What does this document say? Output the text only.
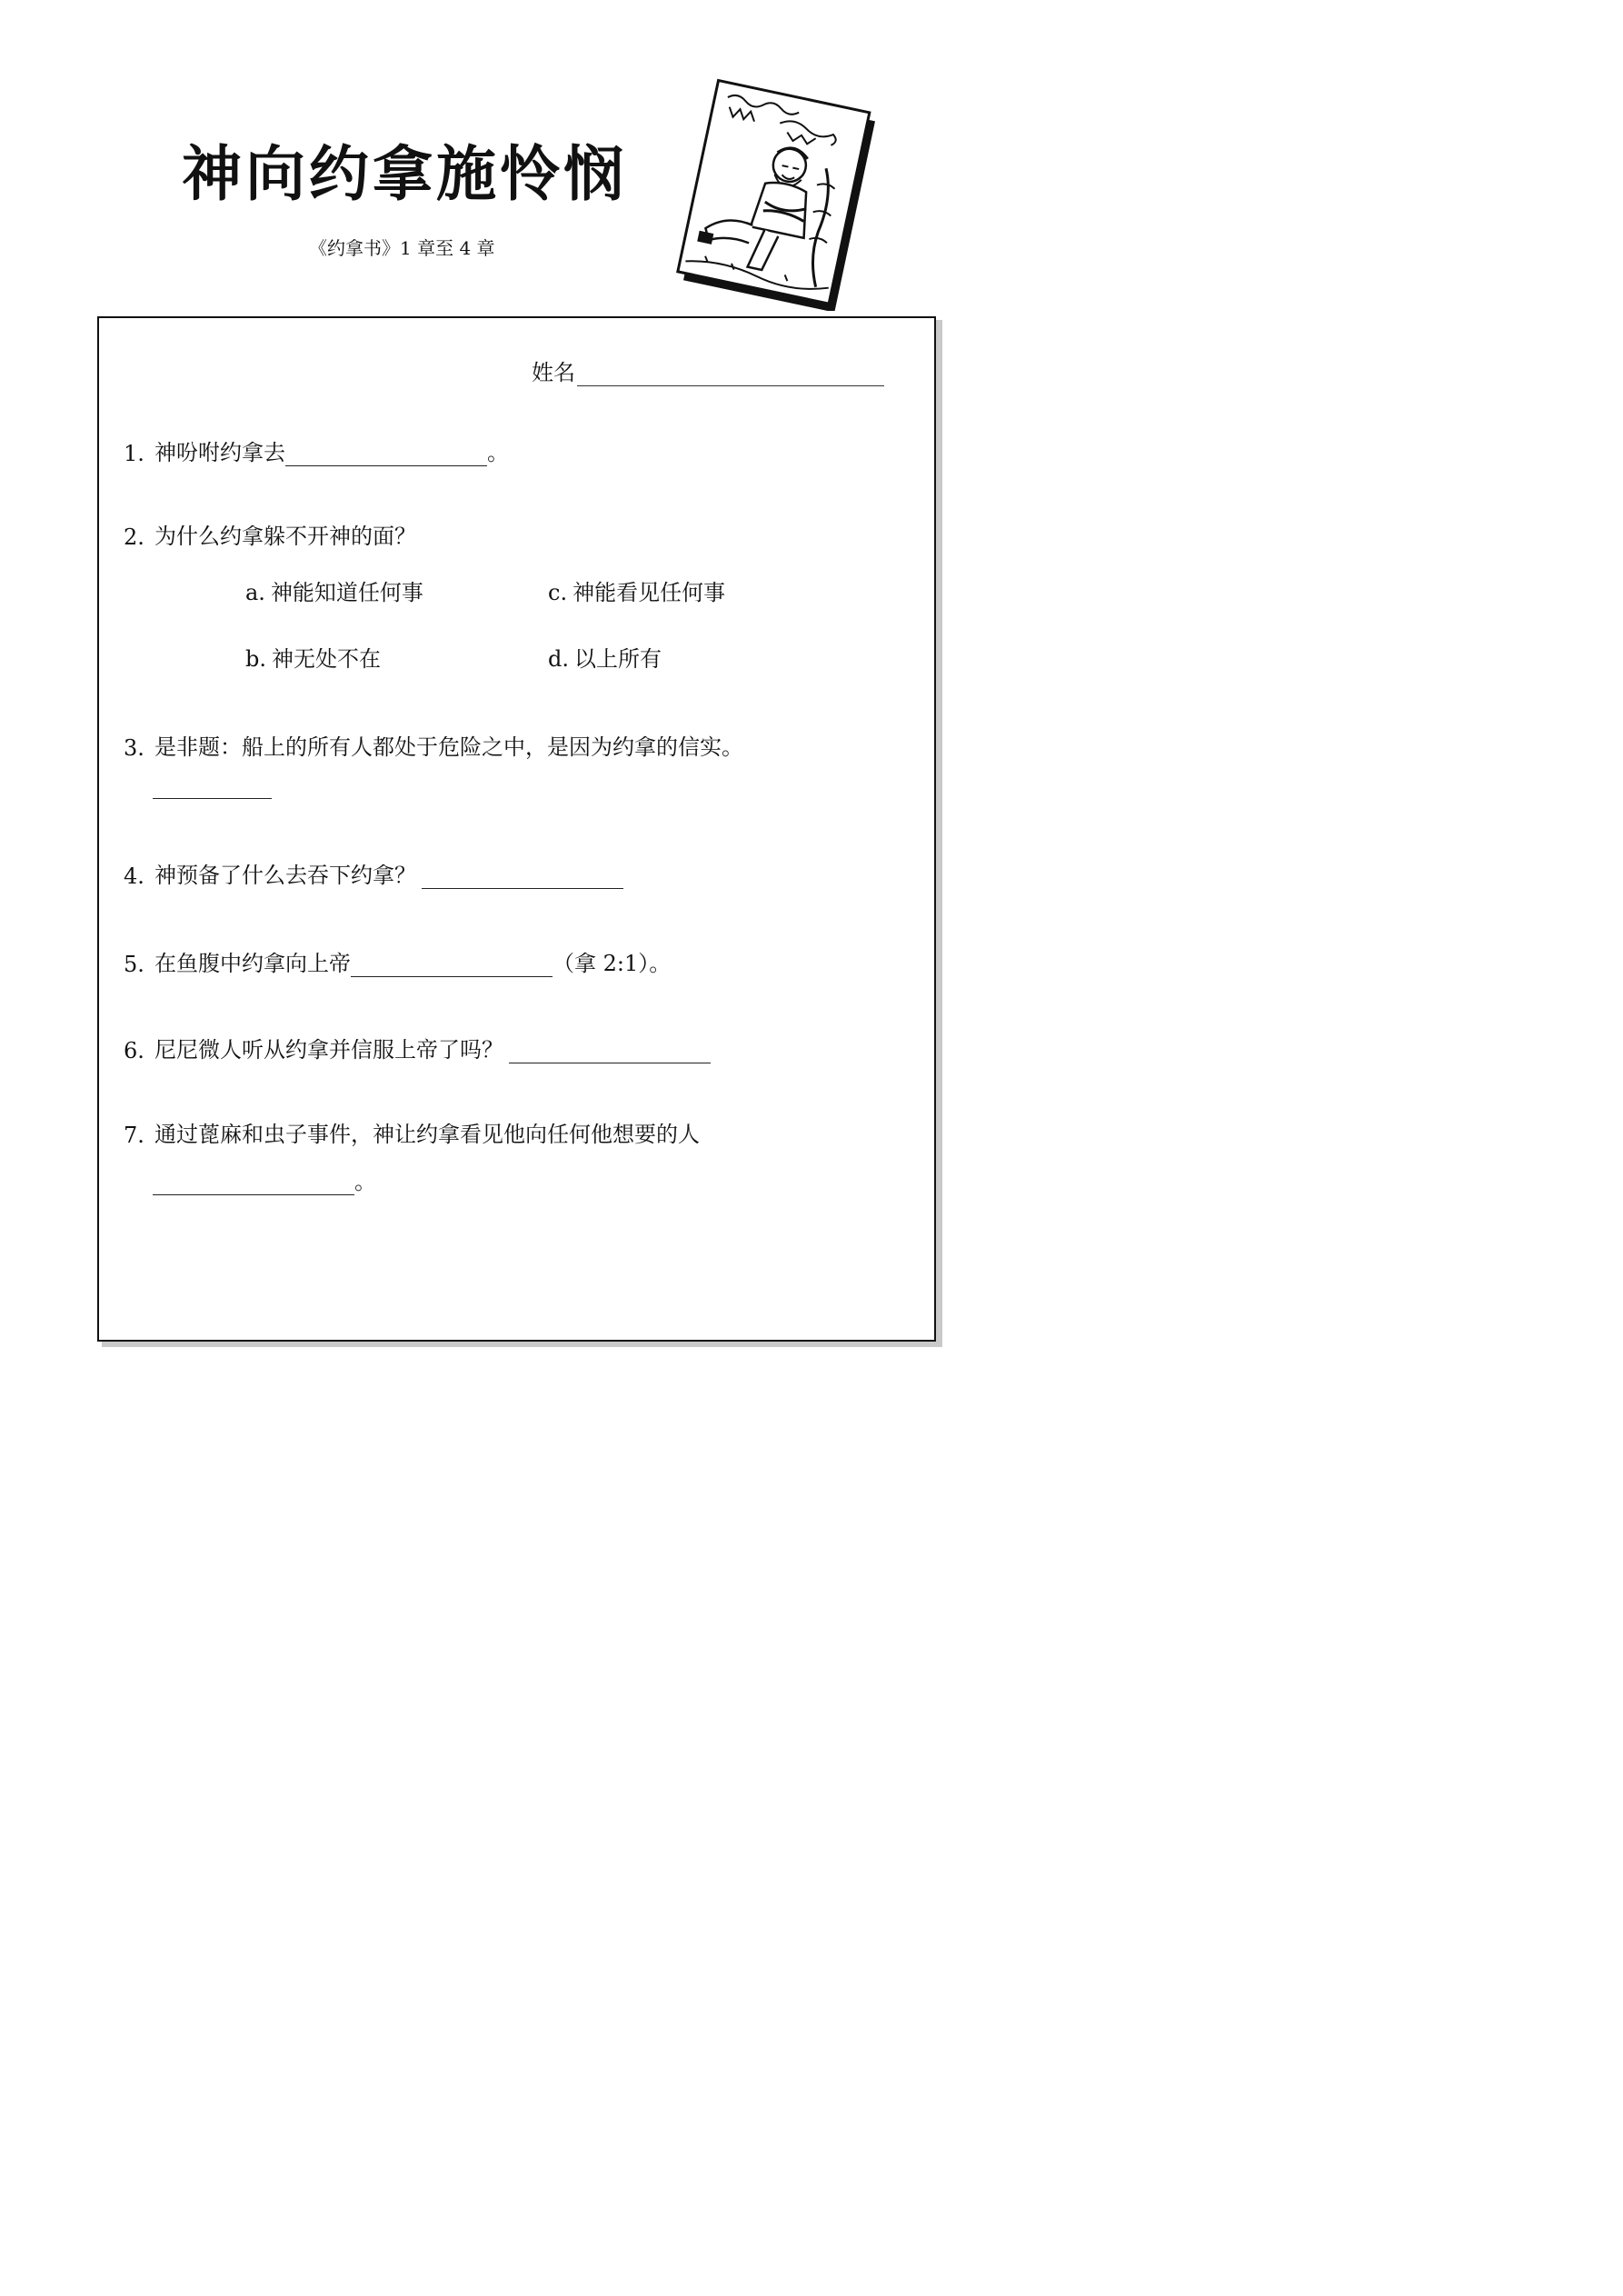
神向约拿施怜悯
《约拿书》1 章至 4 章
姓名
1. 神吩咐约拿去	。
2. 为什么约拿躲不开神的面？
a. 神能知道任何事	c. 神能看见任何事
b. 神无处不在	d. 以上所有
3. 是非题：船上的所有人都处于危险之中，是因为约拿的信实。
4. 神预备了什么去吞下约拿？
5. 在鱼腹中约拿向上帝	（拿 2:1）。
6. 尼尼微人听从约拿并信服上帝了吗？
7. 通过蓖麻和虫子事件，神让约拿看见他向任何他想要的人
。
